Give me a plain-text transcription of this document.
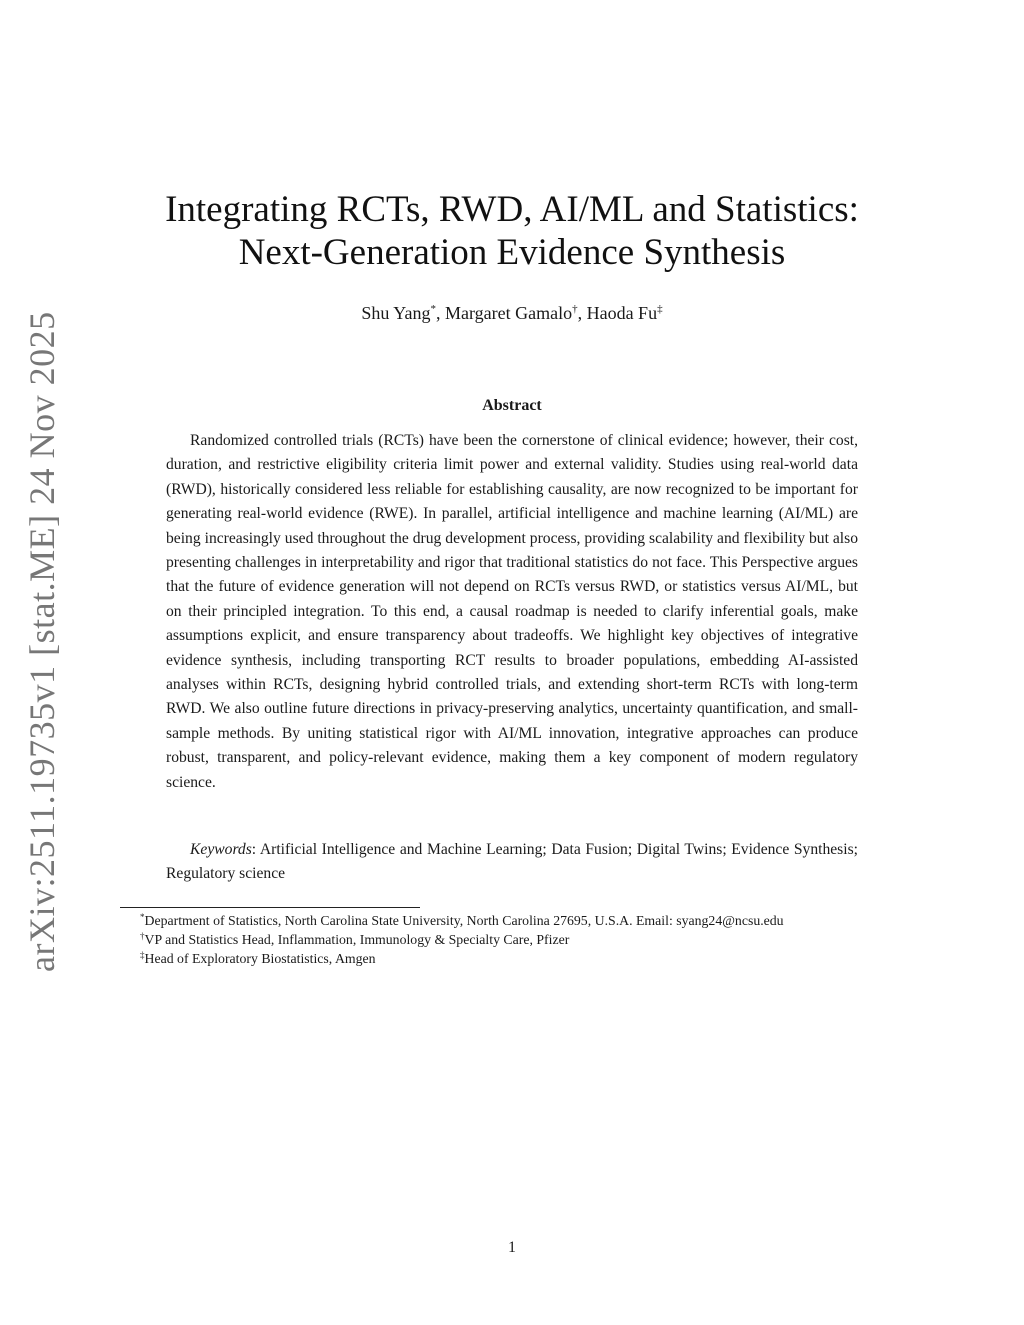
arXiv:2511.19735v1 [stat.ME] 24 Nov 2025
Integrating RCTs, RWD, AI/ML and Statistics:
Next-Generation Evidence Synthesis
Shu Yang*, Margaret Gamalo†, Haoda Fu‡
Abstract
Randomized controlled trials (RCTs) have been the cornerstone of clinical evidence; however, their cost, duration, and restrictive eligibility criteria limit power and external validity. Studies using real-world data (RWD), historically considered less reliable for establishing causality, are now recognized to be important for generating real-world evidence (RWE). In parallel, artificial intelligence and machine learning (AI/ML) are being increasingly used throughout the drug development process, providing scalability and flexibility but also presenting challenges in interpretability and rigor that traditional statistics do not face. This Perspective argues that the future of evidence generation will not depend on RCTs versus RWD, or statistics versus AI/ML, but on their principled integration. To this end, a causal roadmap is needed to clarify inferential goals, make assumptions explicit, and ensure transparency about tradeoffs. We highlight key objectives of integrative evidence synthesis, including transporting RCT results to broader populations, embedding AI-assisted analyses within RCTs, designing hybrid controlled trials, and extending short-term RCTs with long-term RWD. We also outline future directions in privacy-preserving analytics, uncertainty quantification, and small-sample methods. By uniting statistical rigor with AI/ML innovation, integrative approaches can produce robust, transparent, and policy-relevant evidence, making them a key component of modern regulatory science.
Keywords: Artificial Intelligence and Machine Learning; Data Fusion; Digital Twins; Evidence Synthesis; Regulatory science
*Department of Statistics, North Carolina State University, North Carolina 27695, U.S.A. Email: syang24@ncsu.edu
†VP and Statistics Head, Inflammation, Immunology & Specialty Care, Pfizer
‡Head of Exploratory Biostatistics, Amgen
1
